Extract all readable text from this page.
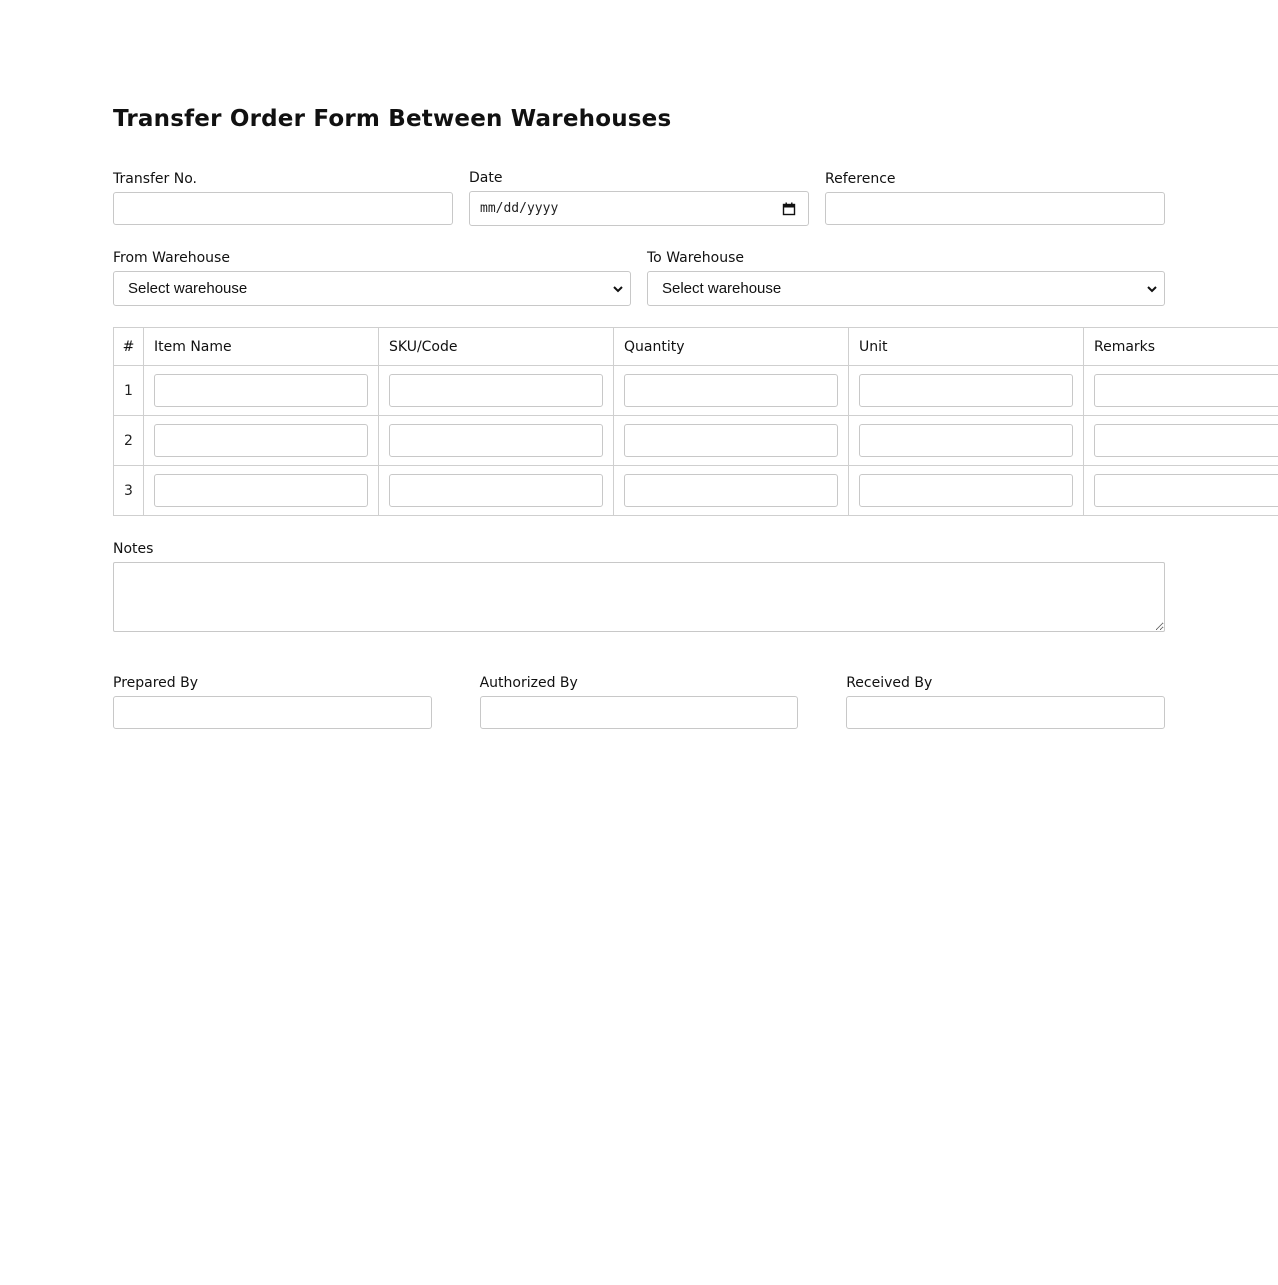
Transfer Order Form Between Warehouses
Transfer No.	Date
mm/dd/yyyy
Reference
From Warehouse
Select warehouse
To Warehouse
Select warehouse
#	Item Name	SKU/Code	Quantity	Unit	Remarks
1					
2					
3					
Notes
Prepared By	Authorized By	Received By
